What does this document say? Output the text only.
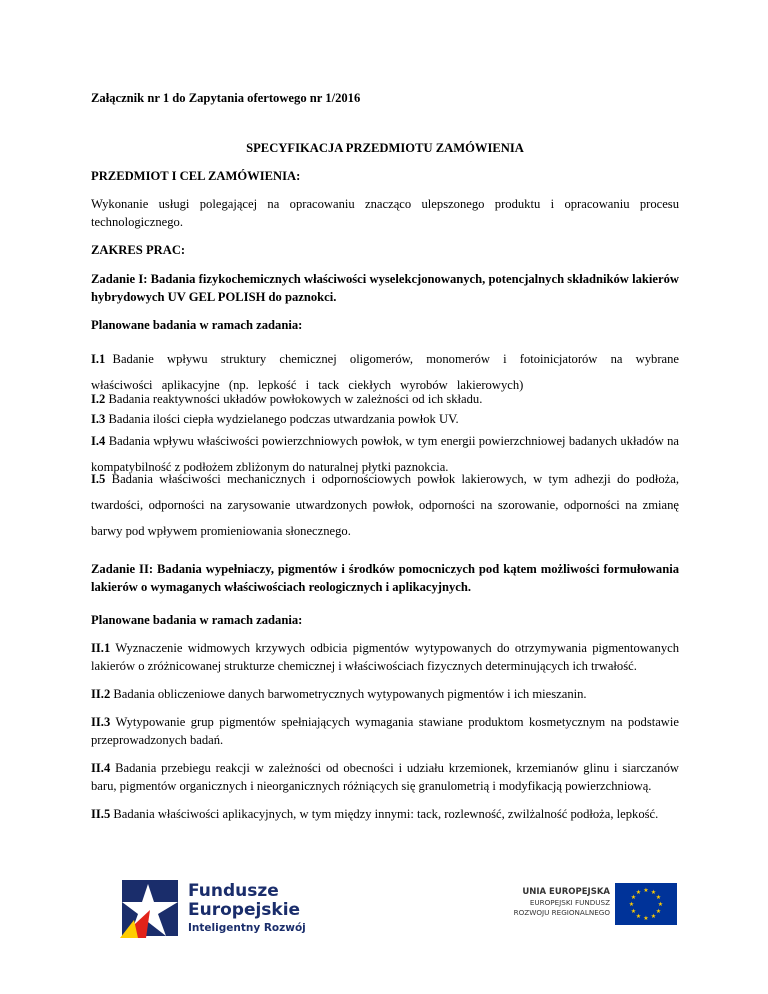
Załącznik nr 1 do Zapytania ofertowego nr 1/2016
SPECYFIKACJA PRZEDMIOTU ZAMÓWIENIA
PRZEDMIOT I CEL ZAMÓWIENIA:
Wykonanie usługi polegającej na opracowaniu znacząco ulepszonego produktu i opracowaniu procesu technologicznego.
ZAKRES PRAC:
Zadanie I: Badania fizykochemicznych właściwości wyselekcjonowanych, potencjalnych składników lakierów hybrydowych UV GEL POLISH do paznokci.
Planowane badania w ramach zadania:
I.1 Badanie wpływu struktury chemicznej oligomerów, monomerów i fotoinicjatorów na wybrane właściwości aplikacyjne (np. lepkość i tack ciekłych wyrobów lakierowych)
I.2 Badania reaktywności układów powłokowych w zależności od ich składu.
I.3 Badania ilości ciepła wydzielanego podczas utwardzania powłok UV.
I.4 Badania wpływu właściwości powierzchniowych powłok, w tym energii powierzchniowej badanych układów na kompatybilność z podłożem zbliżonym do naturalnej płytki paznokcia.
I.5 Badania właściwości mechanicznych i odpornościowych powłok lakierowych, w tym adhezji do podłoża, twardości, odporności na zarysowanie utwardzonych powłok, odporności na szorowanie, odporności na zmianę barwy pod wpływem promieniowania słonecznego.
Zadanie II: Badania wypełniaczy, pigmentów i środków pomocniczych pod kątem możliwości formułowania lakierów o wymaganych właściwościach reologicznych i aplikacyjnych.
Planowane badania w ramach zadania:
II.1 Wyznaczenie widmowych krzywych odbicia pigmentów wytypowanych do otrzymywania pigmentowanych lakierów o zróżnicowanej strukturze chemicznej i właściwościach fizycznych determinujących ich trwałość.
II.2 Badania obliczeniowe danych barwometrycznych wytypowanych pigmentów i ich mieszanin.
II.3 Wytypowanie grup pigmentów spełniających wymagania stawiane produktom kosmetycznym na podstawie przeprowadzonych badań.
II.4 Badania przebiegu reakcji w zależności od obecności i udziału krzemionek, krzemianów glinu i siarczanów baru, pigmentów organicznych i nieorganicznych różniących się granulometrią i modyfikacją powierzchniową.
II.5 Badania właściwości aplikacyjnych, w tym między innymi: tack, rozlewność, zwilżalność podłoża, lepkość.
Fundusze
Europejskie
Inteligentny Rozwój
UNIA EUROPEJSKA
EUROPEJSKI FUNDUSZ
ROZWOJU REGIONALNEGO
★ ★
★
★
★
★
★
★
★
★
★
★
